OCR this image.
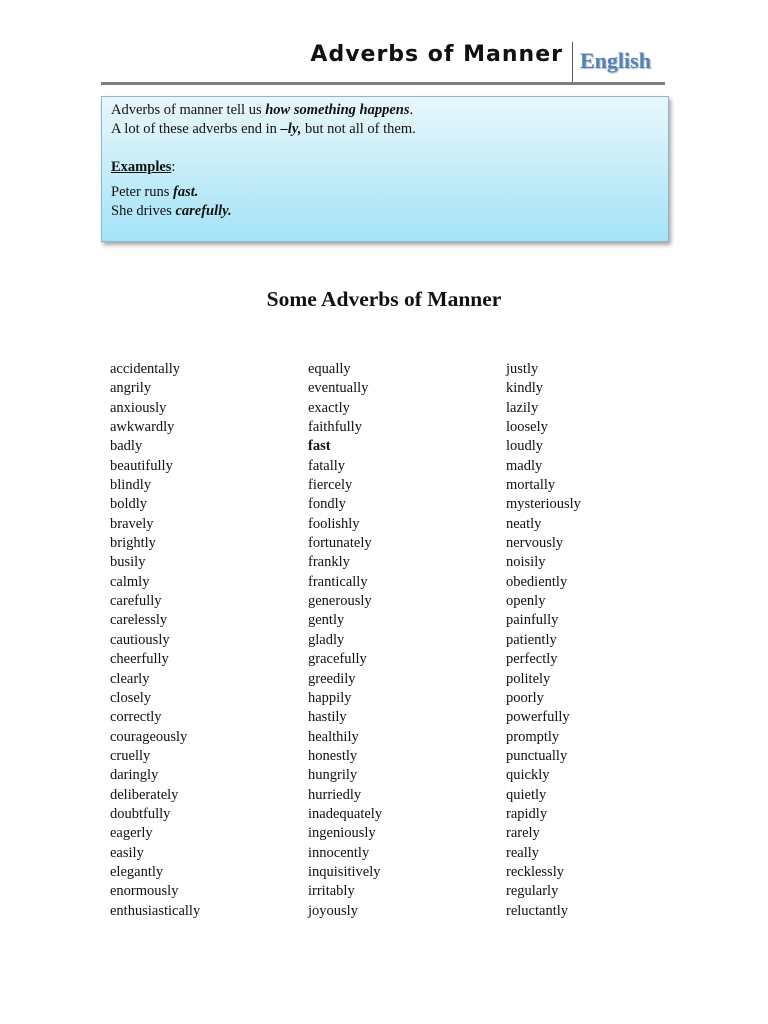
Adverbs of Manner English

Adverbs of manner tell us how something happens.

A lot of these adverbs end in –ly, but not all of them.

Examples:

Peter runs fast.

She drives carefully.

Some Adverbs of Manner
accidentally
angrily
anxiously
awkwardly
badly
beautifully
blindly
boldly
bravely
brightly
busily
calmly
carefully
carelessly
cautiously
cheerfully
clearly
closely
correctly
courageously
cruelly
daringly
deliberately
doubtfully
eagerly
easily
elegantly
enormously
enthusiastically
equally
eventually
exactly
faithfully
fast
fatally
fiercely
fondly
foolishly
fortunately
frankly
frantically
generously
gently
gladly
gracefully
greedily
happily
hastily
healthily
honestly
hungrily
hurriedly
inadequately
ingeniously
innocently
inquisitively
irritably
joyously
justly
kindly
lazily
loosely
loudly
madly
mortally
mysteriously
neatly
nervously
noisily
obediently
openly
painfully
patiently
perfectly
politely
poorly
powerfully
promptly
punctually
quickly
quietly
rapidly
rarely
really
recklessly
regularly
reluctantly
